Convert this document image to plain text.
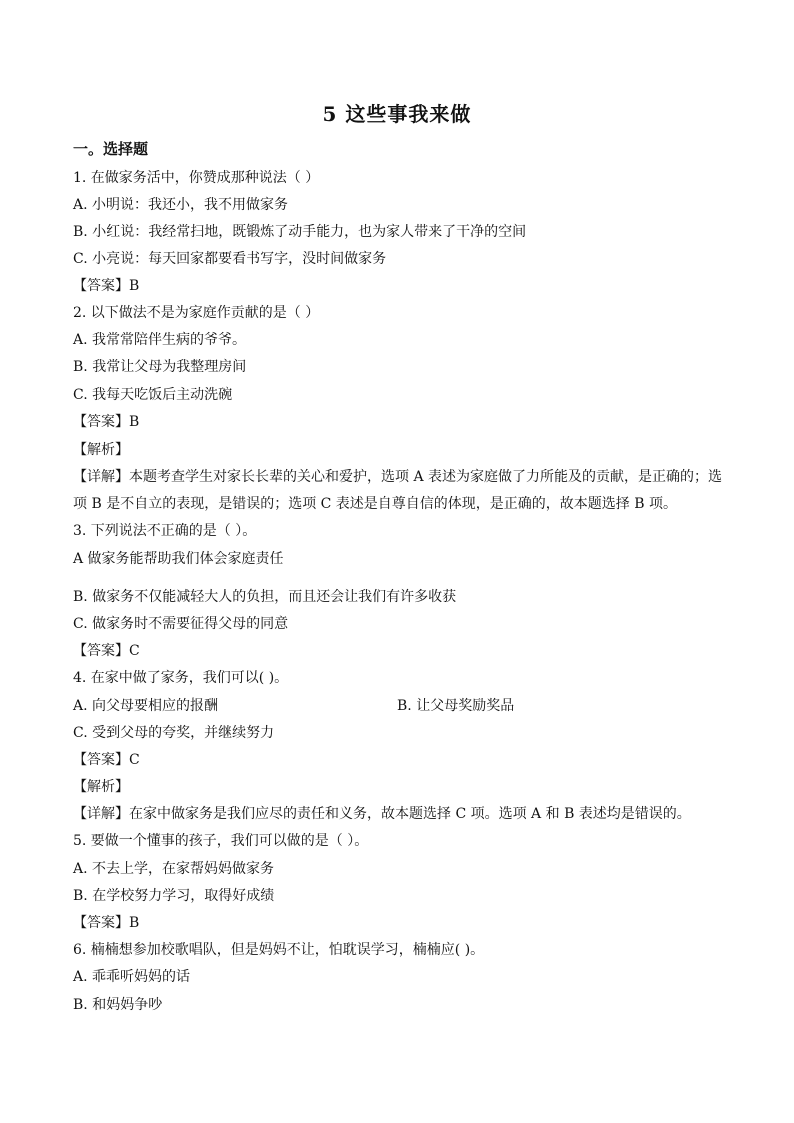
5 这些事我来做
一。选择题
1. 在做家务活中，你赞成那种说法（ ）
A. 小明说：我还小，我不用做家务
B. 小红说：我经常扫地，既锻炼了动手能力，也为家人带来了干净的空间
C. 小亮说：每天回家都要看书写字，没时间做家务
【答案】B
2. 以下做法不是为家庭作贡献的是（ ）
A. 我常常陪伴生病的爷爷。
B. 我常让父母为我整理房间
C. 我每天吃饭后主动洗碗
【答案】B
【解析】
【详解】本题考查学生对家长长辈的关心和爱护，选项 A 表述为家庭做了力所能及的贡献，是正确的；选
项 B 是不自立的表现，是错误的；选项 C 表述是自尊自信的体现，是正确的，故本题选择 B 项。
3. 下列说法不正确的是（ ）。
A 做家务能帮助我们体会家庭责任
B. 做家务不仅能减轻大人的负担，而且还会让我们有许多收获
C. 做家务时不需要征得父母的同意
【答案】C
4. 在家中做了家务，我们可以( )。
A. 向父母要相应的报酬	B. 让父母奖励奖品
C. 受到父母的夸奖，并继续努力
【答案】C
【解析】
【详解】在家中做家务是我们应尽的责任和义务，故本题选择 C 项。选项 A 和 B 表述均是错误的。
5. 要做一个懂事的孩子，我们可以做的是（ ）。
A. 不去上学，在家帮妈妈做家务
B. 在学校努力学习，取得好成绩
【答案】B
6. 楠楠想参加校歌唱队，但是妈妈不让，怕耽误学习，楠楠应( )。
A. 乖乖听妈妈的话
B. 和妈妈争吵
